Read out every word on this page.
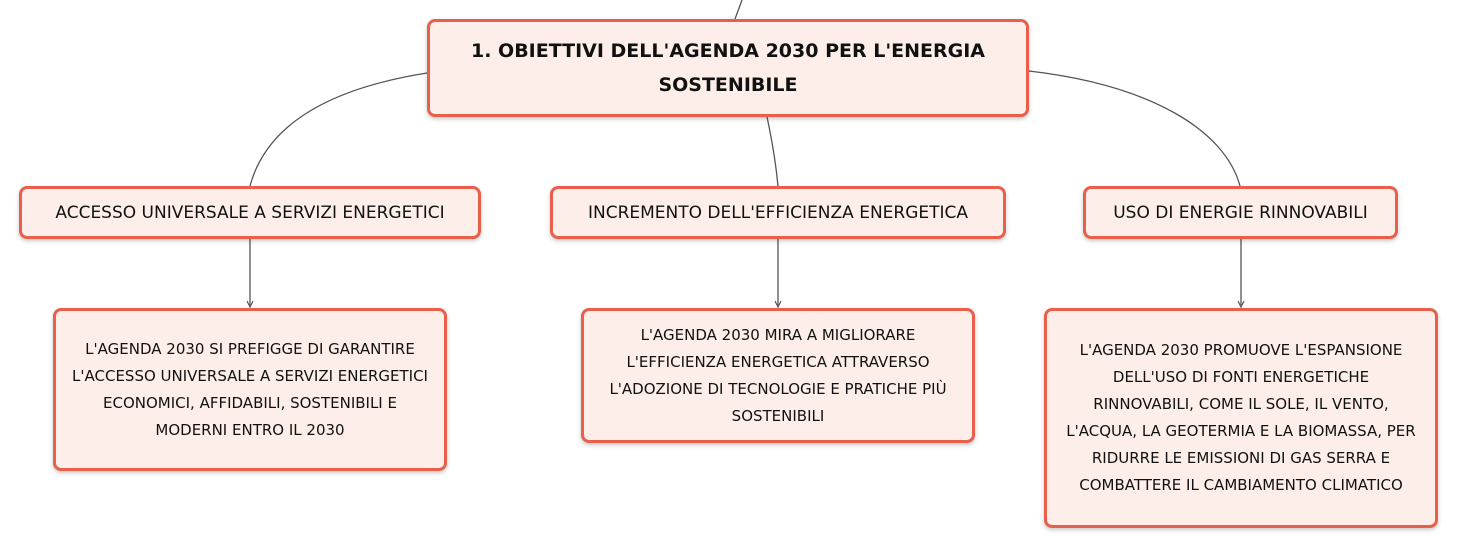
1. OBIETTIVI DELL'AGENDA 2030 PER L'ENERGIA SOSTENIBILE
ACCESSO UNIVERSALE A SERVIZI ENERGETICI	INCREMENTO DELL'EFFICIENZA ENERGETICA	USO DI ENERGIE RINNOVABILI
L'AGENDA 2030 SI PREFIGGE DI GARANTIRE L'ACCESSO UNIVERSALE A SERVIZI ENERGETICI ECONOMICI, AFFIDABILI, SOSTENIBILI E MODERNI ENTRO IL 2030
L'AGENDA 2030 MIRA A MIGLIORARE L'EFFICIENZA ENERGETICA ATTRAVERSO L'ADOZIONE DI TECNOLOGIE E PRATICHE PIÙ SOSTENIBILI
L'AGENDA 2030 PROMUOVE L'ESPANSIONE DELL'USO DI FONTI ENERGETICHE RINNOVABILI, COME IL SOLE, IL VENTO, L'ACQUA, LA GEOTERMIA E LA BIOMASSA, PER RIDURRE LE EMISSIONI DI GAS SERRA E COMBATTERE IL CAMBIAMENTO CLIMATICO
